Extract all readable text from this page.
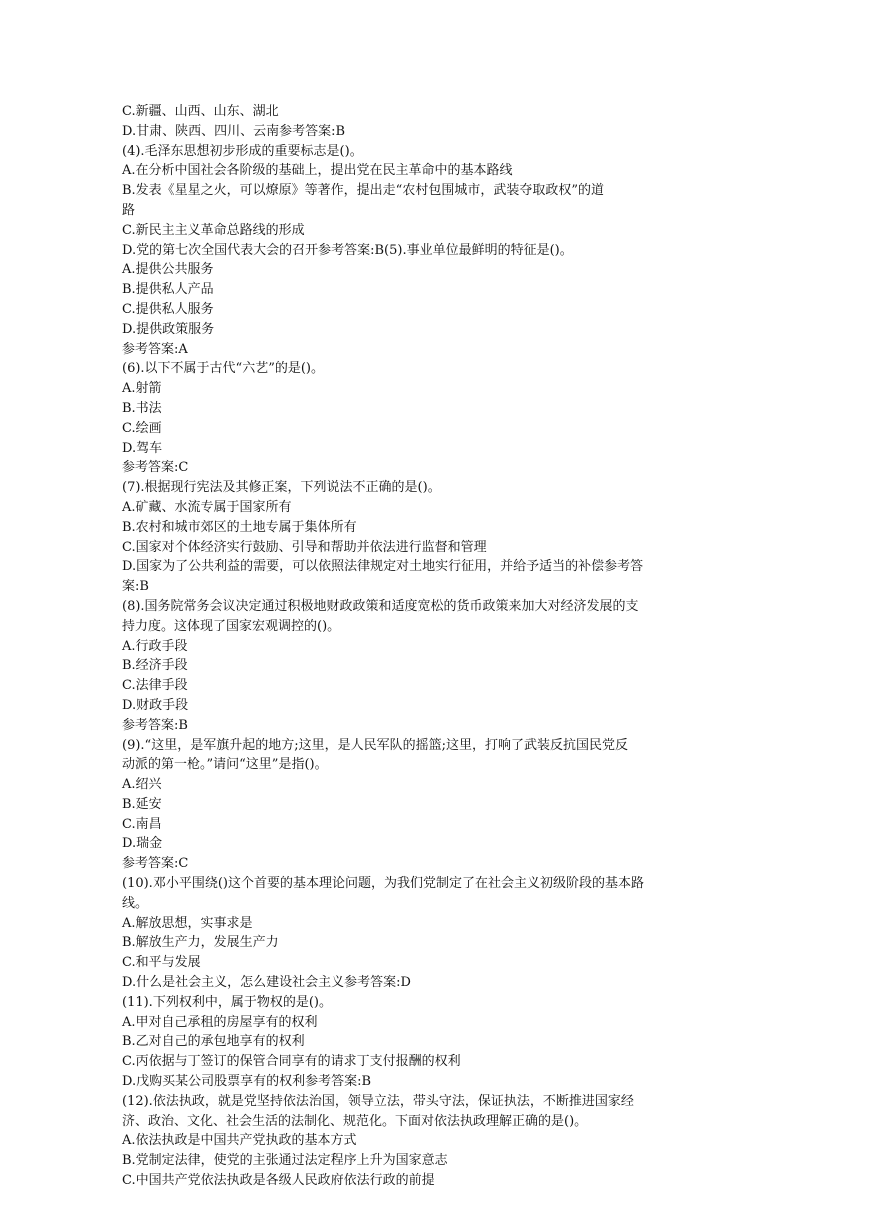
C.新疆、山西、山东、湖北
D.甘肃、陕西、四川、云南参考答案:B
(4).毛泽东思想初步形成的重要标志是()。
A.在分析中国社会各阶级的基础上，提出党在民主革命中的基本路线
B.发表《星星之火，可以燎原》等著作，提出走“农村包围城市，武装夺取政权”的道
路
C.新民主主义革命总路线的形成
D.党的第七次全国代表大会的召开参考答案:B(5).事业单位最鲜明的特征是()。
A.提供公共服务
B.提供私人产品
C.提供私人服务
D.提供政策服务
参考答案:A
(6).以下不属于古代“六艺”的是()。
A.射箭
B.书法
C.绘画
D.驾车
参考答案:C
(7).根据现行宪法及其修正案，下列说法不正确的是()。
A.矿藏、水流专属于国家所有
B.农村和城市郊区的土地专属于集体所有
C.国家对个体经济实行鼓励、引导和帮助并依法进行监督和管理
D.国家为了公共利益的需要，可以依照法律规定对土地实行征用，并给予适当的补偿参考答
案:B
(8).国务院常务会议决定通过积极地财政政策和适度宽松的货币政策来加大对经济发展的支
持力度。这体现了国家宏观调控的()。
A.行政手段
B.经济手段
C.法律手段
D.财政手段
参考答案:B
(9).“这里，是军旗升起的地方;这里，是人民军队的摇篮;这里，打响了武装反抗国民党反
动派的第一枪。”请问“这里”是指()。
A.绍兴
B.延安
C.南昌
D.瑞金
参考答案:C
(10).邓小平围绕()这个首要的基本理论问题，为我们党制定了在社会主义初级阶段的基本路
线。
A.解放思想，实事求是
B.解放生产力，发展生产力
C.和平与发展
D.什么是社会主义，怎么建设社会主义参考答案:D
(11).下列权利中，属于物权的是()。
A.甲对自己承租的房屋享有的权利
B.乙对自己的承包地享有的权利
C.丙依据与丁签订的保管合同享有的请求丁支付报酬的权利
D.戊购买某公司股票享有的权利参考答案:B
(12).依法执政，就是党坚持依法治国，领导立法，带头守法，保证执法，不断推进国家经
济、政治、文化、社会生活的法制化、规范化。下面对依法执政理解正确的是()。
A.依法执政是中国共产党执政的基本方式
B.党制定法律，使党的主张通过法定程序上升为国家意志
C.中国共产党依法执政是各级人民政府依法行政的前提
